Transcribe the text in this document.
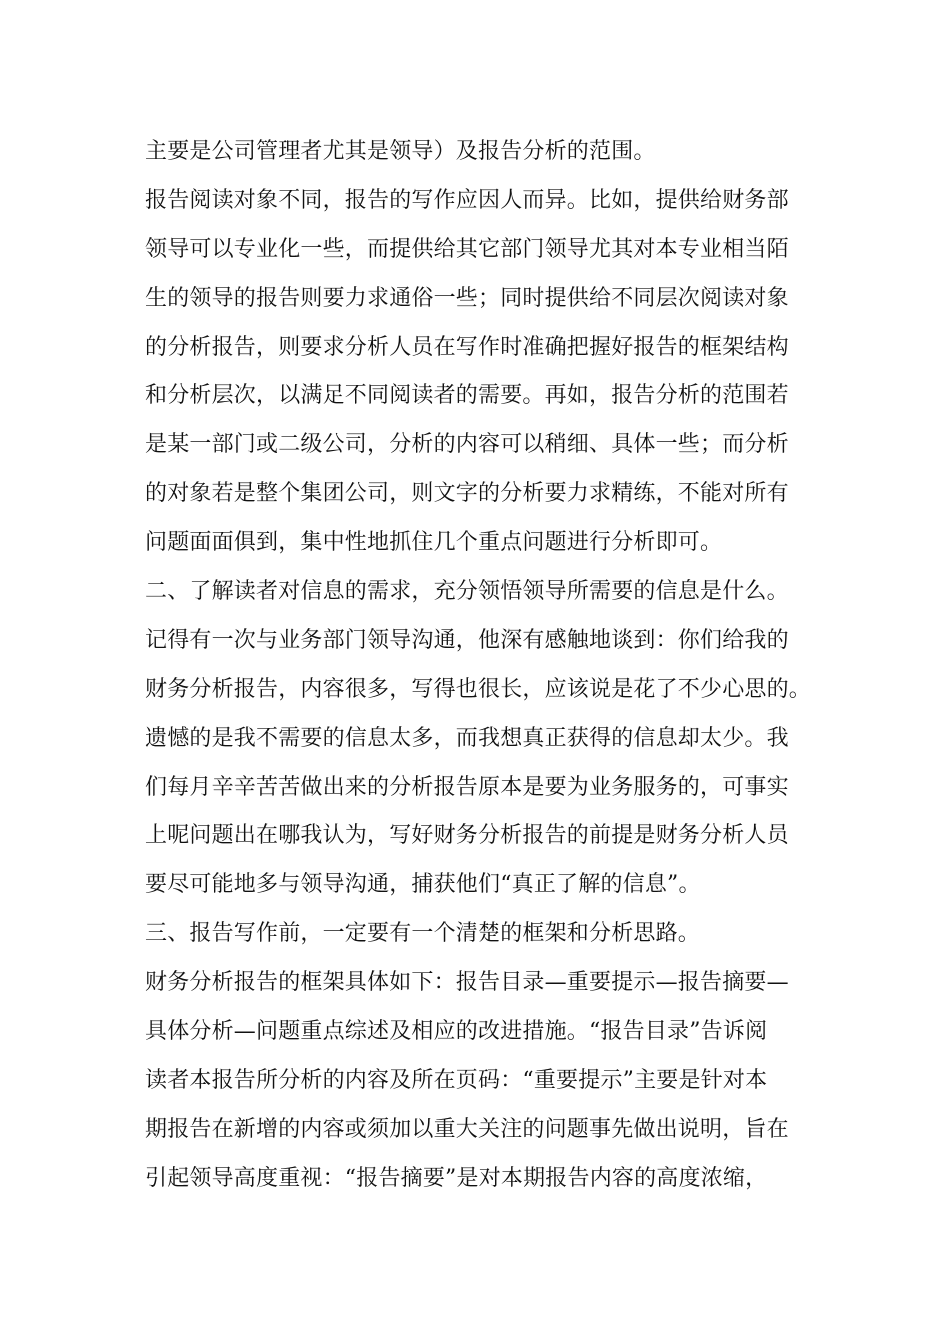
主要是公司管理者尤其是领导）及报告分析的范围。
报告阅读对象不同，报告的写作应因人而异。比如，提供给财务部
领导可以专业化一些，而提供给其它部门领导尤其对本专业相当陌
生的领导的报告则要力求通俗一些；同时提供给不同层次阅读对象
的分析报告，则要求分析人员在写作时准确把握好报告的框架结构
和分析层次，以满足不同阅读者的需要。再如，报告分析的范围若
是某一部门或二级公司，分析的内容可以稍细、具体一些；而分析
的对象若是整个集团公司，则文字的分析要力求精练，不能对所有
问题面面俱到，集中性地抓住几个重点问题进行分析即可。
二、了解读者对信息的需求，充分领悟领导所需要的信息是什么。
记得有一次与业务部门领导沟通，他深有感触地谈到：你们给我的
财务分析报告，内容很多，写得也很长，应该说是花了不少心思的。
遗憾的是我不需要的信息太多，而我想真正获得的信息却太少。我
们每月辛辛苦苦做出来的分析报告原本是要为业务服务的，可事实
上呢问题出在哪我认为，写好财务分析报告的前提是财务分析人员
要尽可能地多与领导沟通，捕获他们“真正了解的信息”。
三、报告写作前，一定要有一个清楚的框架和分析思路。
财务分析报告的框架具体如下：报告目录—重要提示—报告摘要—
具体分析—问题重点综述及相应的改进措施。“报告目录”告诉阅
读者本报告所分析的内容及所在页码：“重要提示”主要是针对本
期报告在新增的内容或须加以重大关注的问题事先做出说明，旨在
引起领导高度重视：“报告摘要”是对本期报告内容的高度浓缩，
